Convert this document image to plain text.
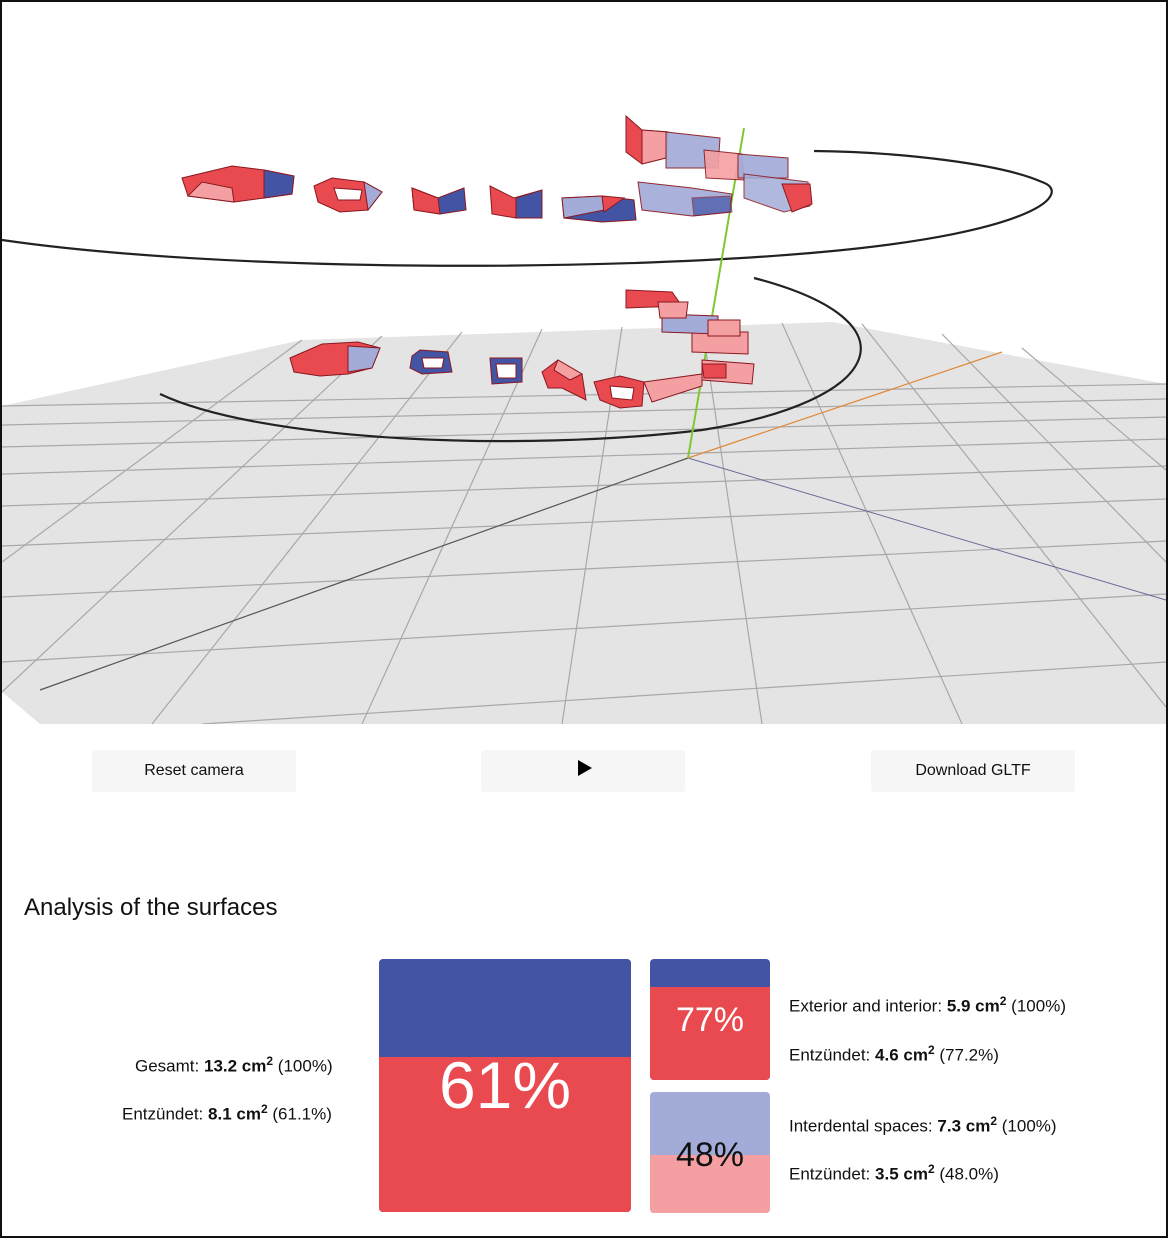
Reset camera	Download GLTF
Analysis of the surfaces
Gesamt: 13.2 $cm^2$ (100%)
Entzündet: 8.1 $cm^2$ (61.1%)	61%
77%
48%
Exterior and interior: 5.9 $cm^2$ (100%)
Entzündet: 4.6 $cm^2$ (77.2%)
Interdental spaces: 7.3 $cm^2$ (100%)
Entzündet: 3.5 $cm^2$ (48.0%)
